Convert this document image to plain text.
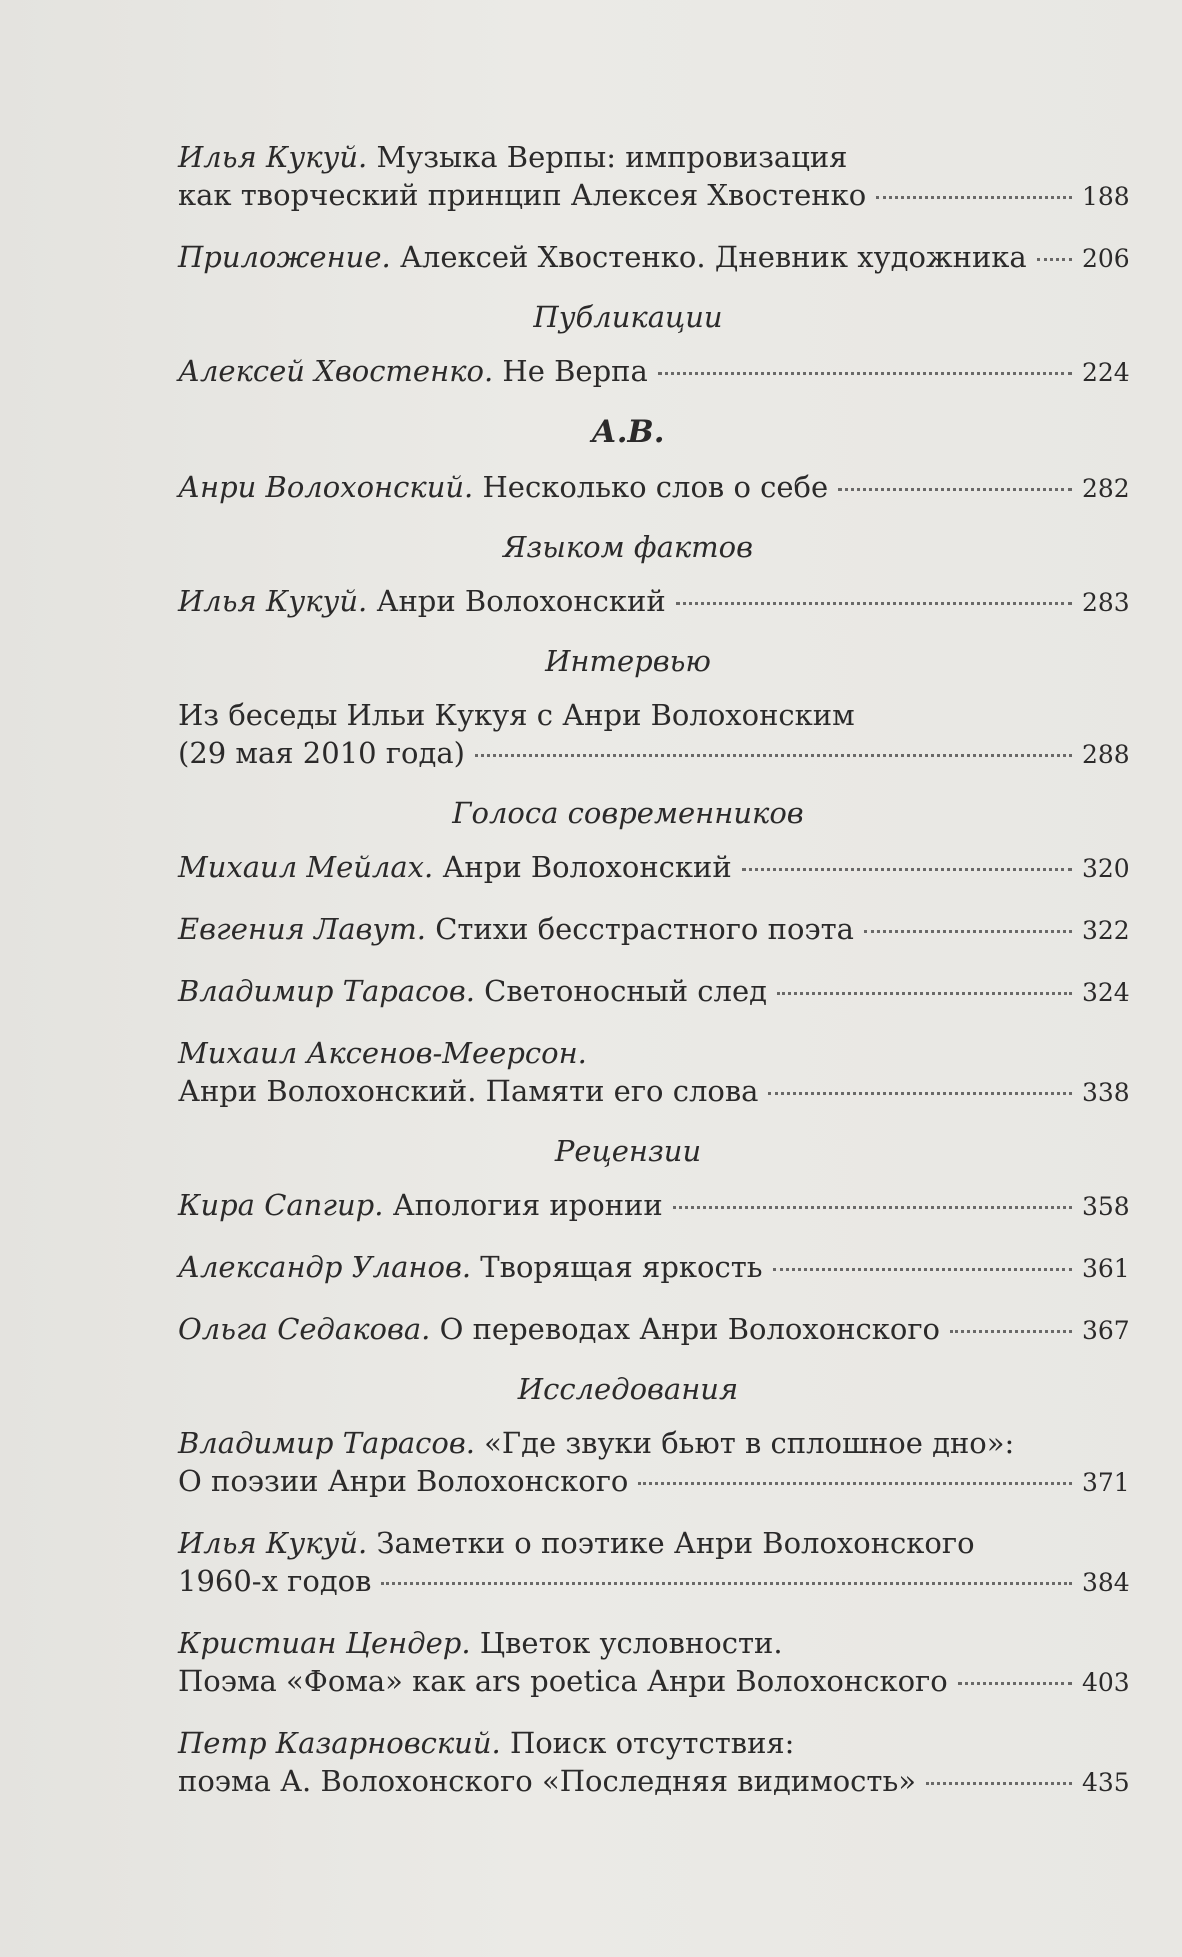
Илья Кукуй. Музыка Верпы: импровизация
как творческий принцип Алексея Хвостенко	188
Приложение. Алексей Хвостенко. Дневник художника 206
Публикации
Алексей Хвостенко. Не Верпа	224
А.В.
Анри Волохонский. Несколько слов о себе	282
Языком фактов
Илья Кукуй. Анри Волохонский	283
Интервью
Из беседы Ильи Кукуя с Анри Волохонским
(29 мая 2010 года)	288
Голоса современников
Михаил Мейлах. Анри Волохонский	320
Евгения Лавут. Стихи бесстрастного поэта	322
Владимир Тарасов. Светоносный след	324
Михаил Аксенов-Меерсон.
Анри Волохонский. Памяти его слова	338
Рецензии
Кира Сапгир. Апология иронии	358
Александр Уланов. Творящая яркость	361
Ольга Седакова. О переводах Анри Волохонского	367
Исследования
Владимир Тарасов. «Где звуки бьют в сплошное дно»:
О поэзии Анри Волохонского	371
Илья Кукуй. Заметки о поэтике Анри Волохонского
1960-х годов	384
Кристиан Цендер. Цветок условности.
Поэма «Фома» как ars poetica Анри Волохонского	403
Петр Казарновский. Поиск отсутствия:
поэма А. Волохонского «Последняя видимость»	435
